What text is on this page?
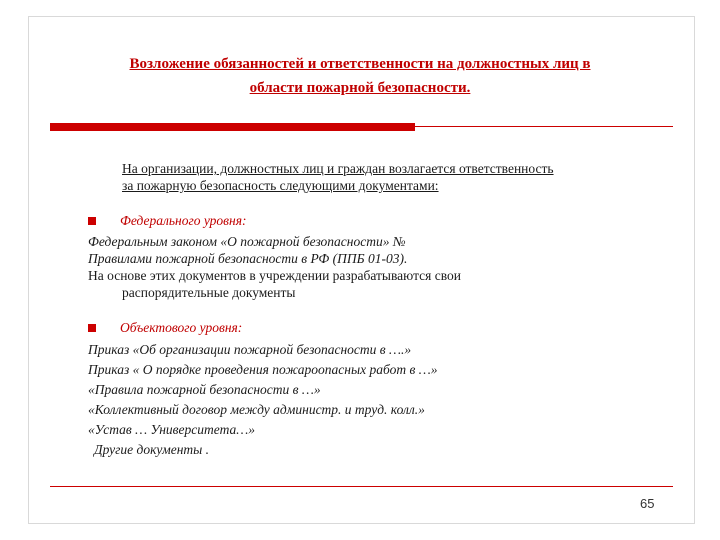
Возложение обязанностей и ответственности на должностных лиц в
области пожарной безопасности.
На организации, должностных лиц и граждан возлагается ответственность
за пожарную безопасность следующими документами:
Федерального уровня:
Федеральным законом «О пожарной безопасности» №
Правилами пожарной безопасности в РФ (ППБ 01-03).
На основе этих документов в учреждении разрабатываются свои
распорядительные документы
Объектового уровня:
Приказ «Об организации пожарной безопасности в ….»
Приказ « О порядке проведения пожароопасных работ в …»
«Правила пожарной безопасности в …»
«Коллективный договор между администр. и труд. колл.»
«Устав … Университета…»
Другие документы .
65
